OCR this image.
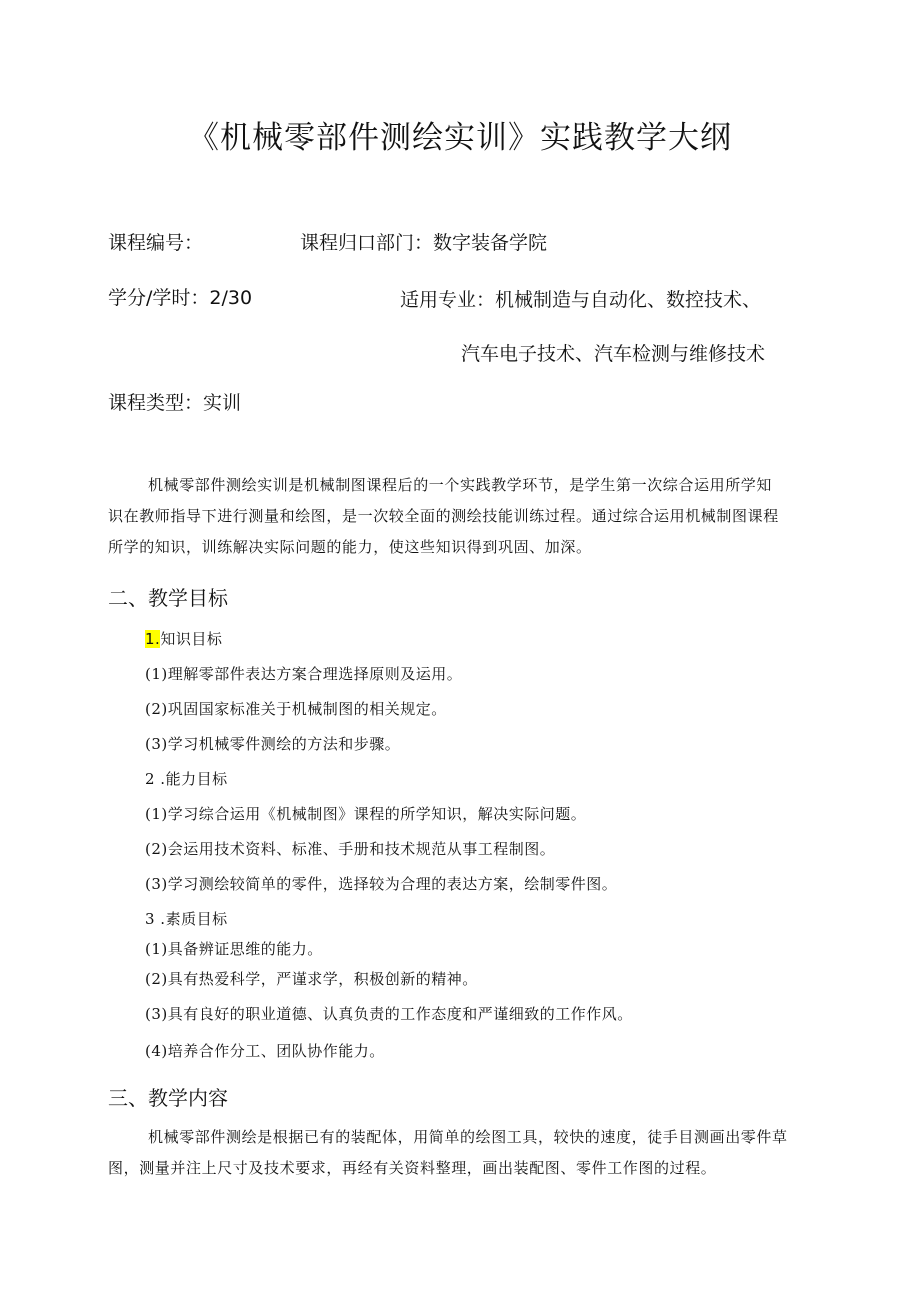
《机械零部件测绘实训》实践教学大纲
课程编号：	课程归口部门：数字装备学院
学分/学时：2/30	适用专业：机械制造与自动化、数控技术、
汽车电子技术、汽车检测与维修技术
课程类型：实训
机械零部件测绘实训是机械制图课程后的一个实践教学环节，是学生第一次综合运用所学知
识在教师指导下进行测量和绘图，是一次较全面的测绘技能训练过程。通过综合运用机械制图课程
所学的知识，训练解决实际问题的能力，使这些知识得到巩固、加深。
二、教学目标
1.知识目标
(1)理解零部件表达方案合理选择原则及运用。
(2)巩固国家标准关于机械制图的相关规定。
(3)学习机械零件测绘的方法和步骤。
2 .能力目标
(1)学习综合运用《机械制图》课程的所学知识，解决实际问题。
(2)会运用技术资料、标准、手册和技术规范从事工程制图。
(3)学习测绘较简单的零件，选择较为合理的表达方案，绘制零件图。
3 .素质目标
(1)具备辨证思维的能力。
(2)具有热爱科学，严谨求学，积极创新的精神。
(3)具有良好的职业道德、认真负责的工作态度和严谨细致的工作作风。
(4)培养合作分工、团队协作能力。
三、教学内容
机械零部件测绘是根据已有的装配体，用简单的绘图工具，较快的速度，徒手目测画出零件草
图，测量并注上尺寸及技术要求，再经有关资料整理，画出装配图、零件工作图的过程。
